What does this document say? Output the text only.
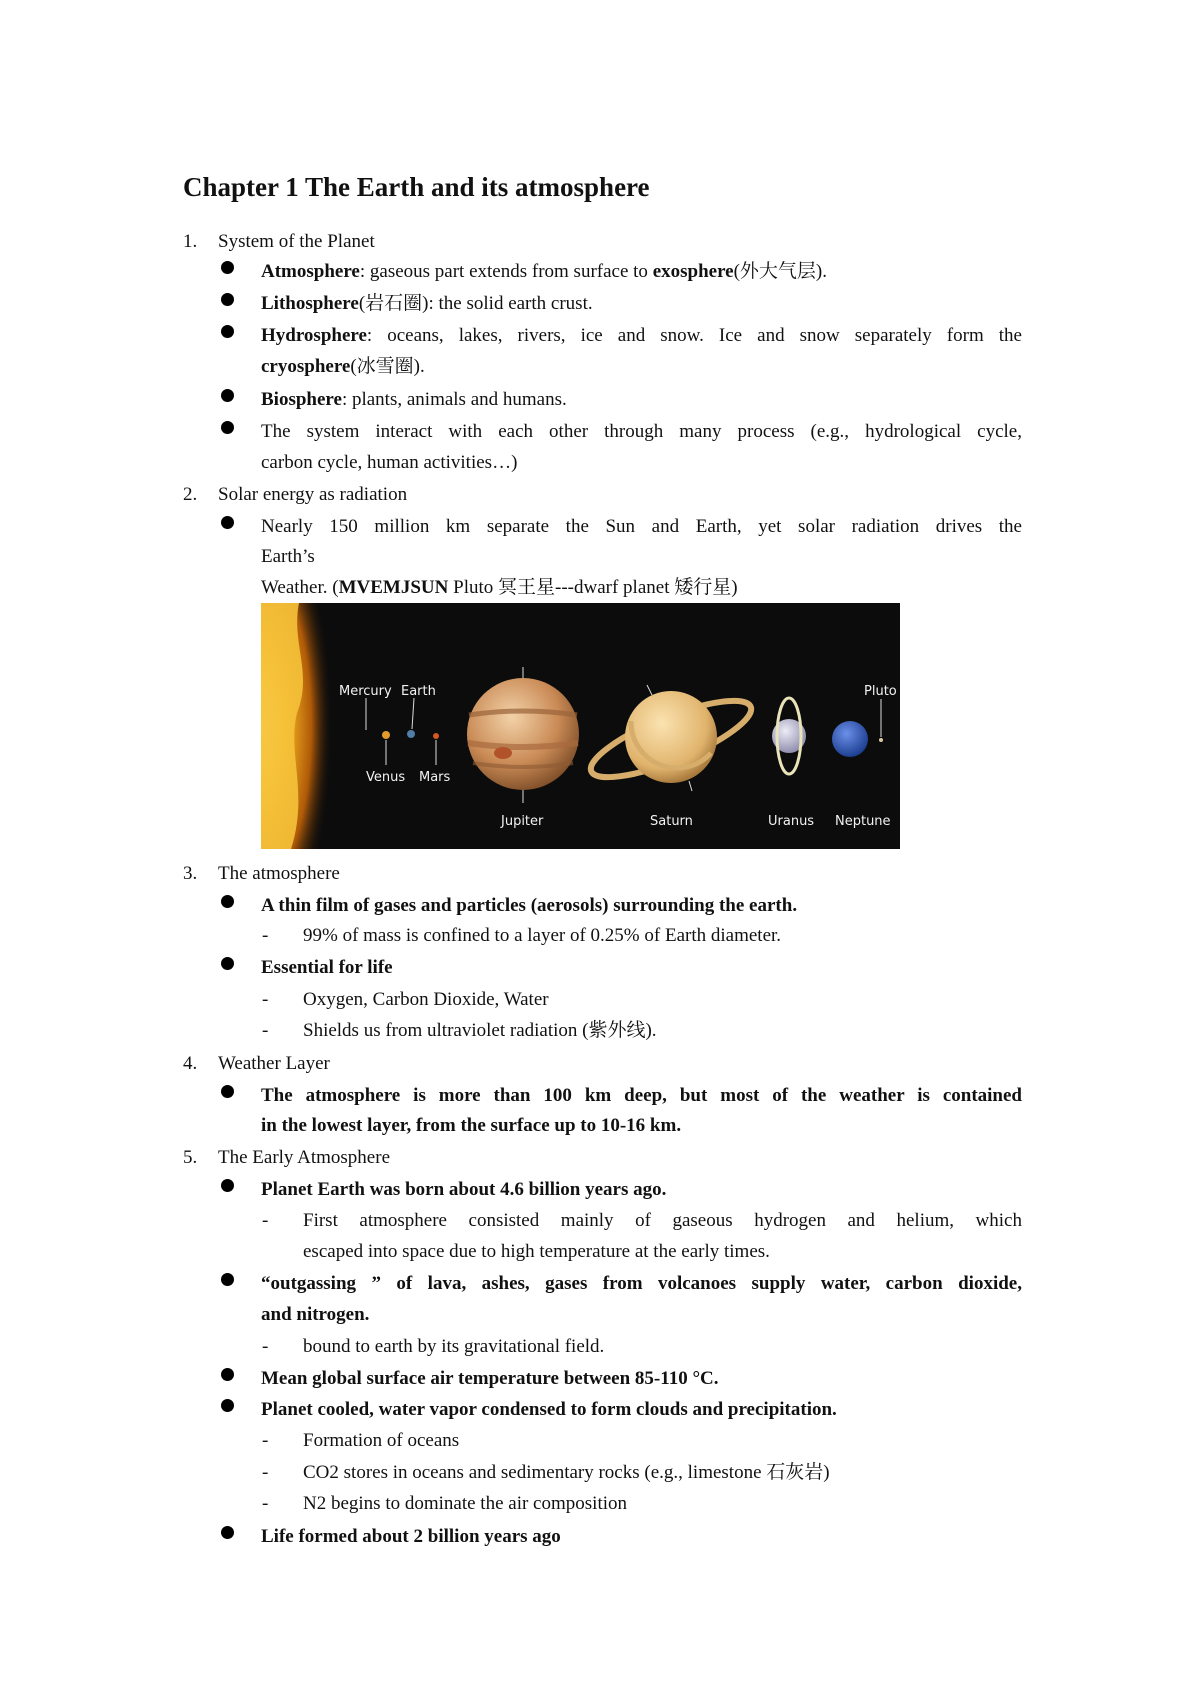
Chapter 1 The Earth and its atmosphere
1. System of the Planet
Atmosphere: gaseous part extends from surface to exosphere(外大气层).
Lithosphere(岩石圈): the solid earth crust.
Hydrosphere: oceans, lakes, rivers, ice and snow. Ice and snow separately form the
cryosphere(冰雪圈).
Biosphere: plants, animals and humans.
The system interact with each other through many process (e.g., hydrological cycle,
carbon cycle, human activities…)
2. Solar energy as radiation
Nearly 150 million km separate the Sun and Earth, yet solar radiation drives the
Earth’s
Weather. (MVEMJSUN Pluto 冥王星---dwarf planet 矮行星)
Mercury Earth
Venus Mars
Jupiter	Saturn	Uranus Neptune
Pluto
3. The atmosphere
A thin film of gases and particles (aerosols) surrounding the earth.
- 99% of mass is confined to a layer of 0.25% of Earth diameter.
Essential for life
- Oxygen, Carbon Dioxide, Water
- Shields us from ultraviolet radiation (紫外线).
4. Weather Layer
The atmosphere is more than 100 km deep, but most of the weather is contained
in the lowest layer, from the surface up to 10-16 km.
5. The Early Atmosphere
Planet Earth was born about 4.6 billion years ago.
- First atmosphere consisted mainly of gaseous hydrogen and helium, which
escaped into space due to high temperature at the early times.
“outgassing ” of lava, ashes, gases from volcanoes supply water, carbon dioxide,
and nitrogen.
- bound to earth by its gravitational field.
Mean global surface air temperature between 85-110 °C.
Planet cooled, water vapor condensed to form clouds and precipitation.
- Formation of oceans
- CO2 stores in oceans and sedimentary rocks (e.g., limestone 石灰岩)
- N2 begins to dominate the air composition
Life formed about 2 billion years ago
